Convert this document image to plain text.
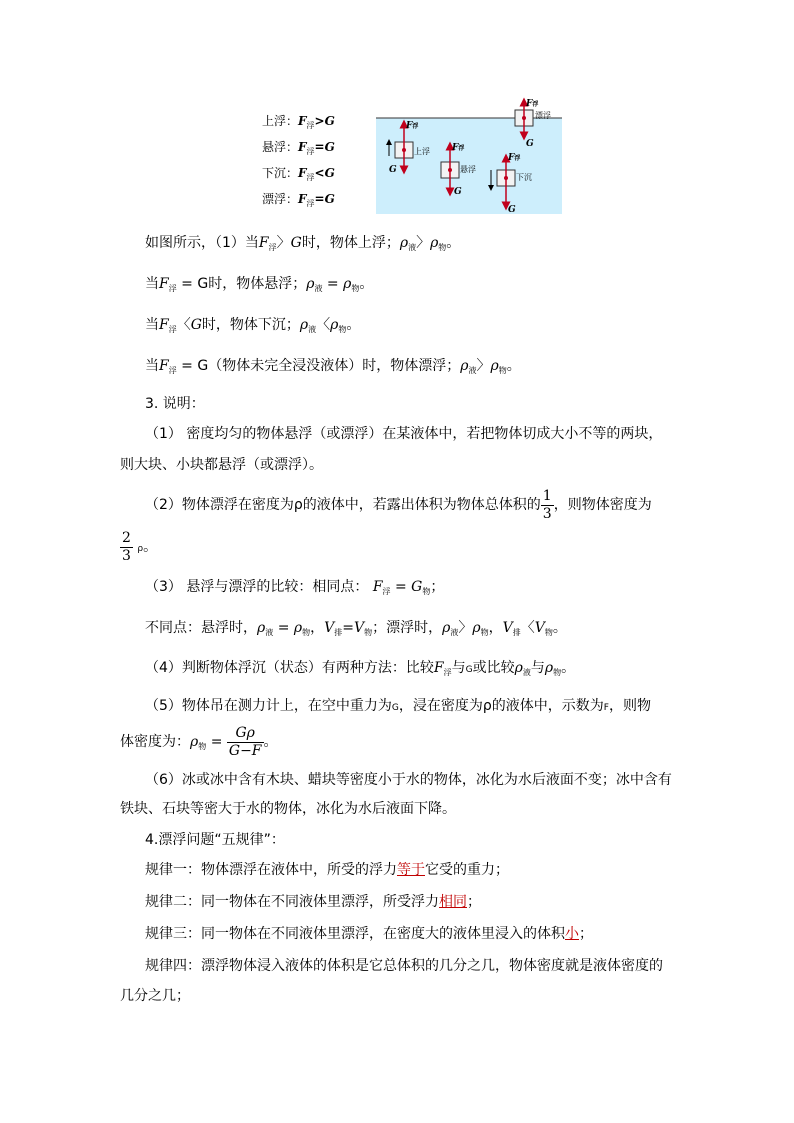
上浮：$F_浮>G$
悬浮：$F_浮=G$
下沉：$F_浮<G$
漂浮：$F_浮=G$
F浮
G
上浮 F浮
G
悬浮
F浮
G
下沉
F浮
G
漂浮
如图所示，（1）当$F_浮$〉G时，物体上浮；$\rho_液$〉$\rho_物$。
当$F_浮 = G$时，物体悬浮；$\rho_液 = \rho_物$。
当$F_浮$〈G时，物体下沉；$\rho_液$〈$\rho_物$。
当$F_浮 = G$（物体未完全浸没液体）时，物体漂浮；$\rho_液$〉$\rho_物$。
3. 说明：
（1） 密度均匀的物体悬浮（或漂浮）在某液体中，若把物体切成大小不等的两块，
则大块、小块都悬浮（或漂浮）。
（2）物体漂浮在密度为ρ的液体中，若露出体积为物体总体积的 $\frac{1}{3}$ ，则物体密度为
$\frac{2}{3}$ ρ。
（3） 悬浮与漂浮的比较：相同点： $F_浮 = G_物$；
不同点：悬浮时，$\rho_液 = \rho_物$，$V_排=V_物$；漂浮时，$\rho_液$〉$\rho_物$，$V_排$〈$V_物$。
（4）判断物体浮沉（状态）有两种方法：比较$F_浮$与G或比较$\rho_液$与$\rho_物$。
（5）物体吊在测力计上，在空中重力为G，浸在密度为ρ的液体中，示数为F，则物
体密度为：$\rho_物 = \frac{G\rho}{G-F}$ 。
（6）冰或冰中含有木块、蜡块等密度小于水的物体，冰化为水后液面不变；冰中含有
铁块、石块等密大于水的物体，冰化为水后液面下降。
4.漂浮问题“五规律”：
规律一：物体漂浮在液体中，所受的浮力等于它受的重力；
规律二：同一物体在不同液体里漂浮，所受浮力相同；
规律三：同一物体在不同液体里漂浮，在密度大的液体里浸入的体积小；
规律四：漂浮物体浸入液体的体积是它总体积的几分之几，物体密度就是液体密度的
几分之几；
